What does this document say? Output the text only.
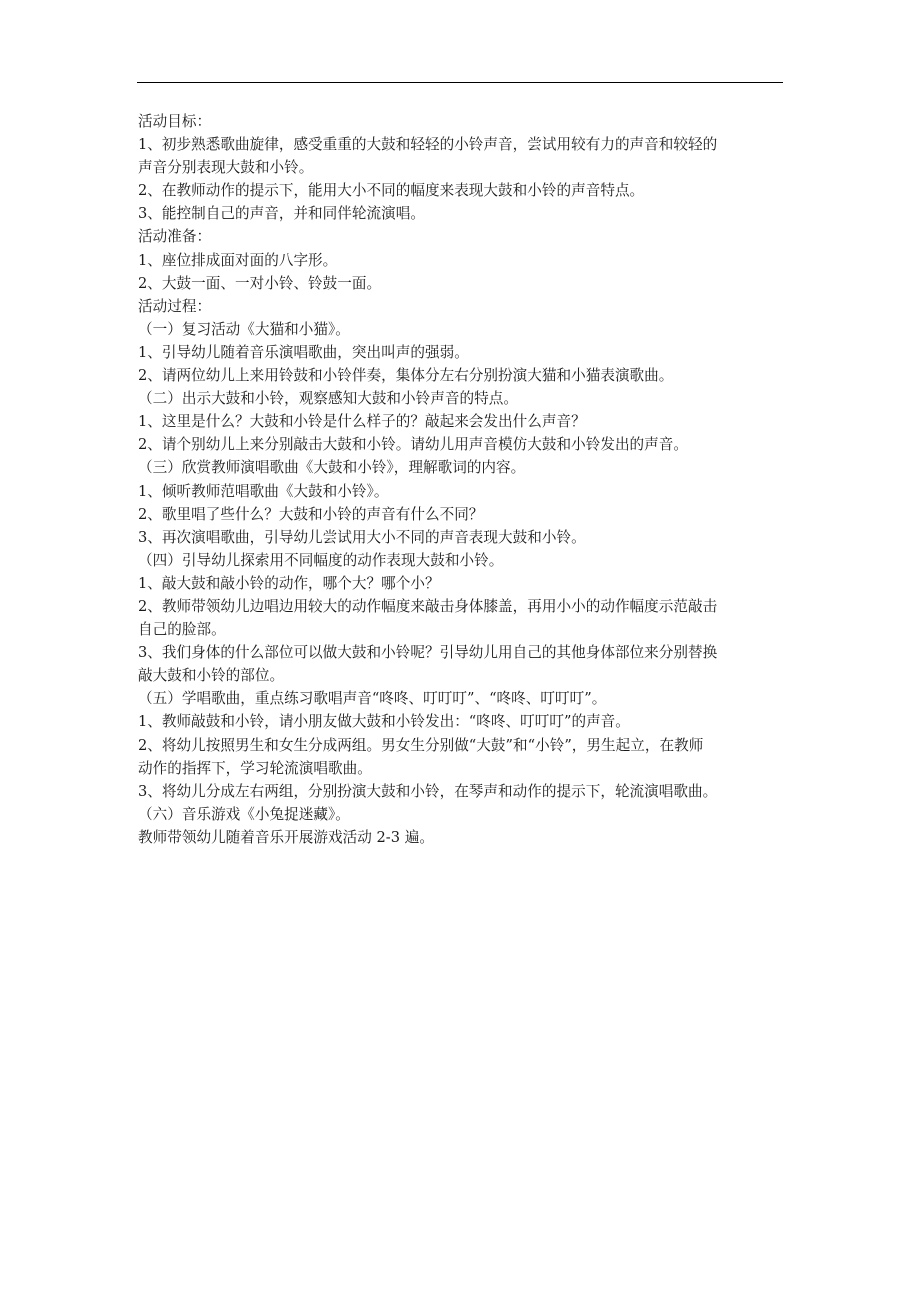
活动目标：
1、初步熟悉歌曲旋律，感受重重的大鼓和轻轻的小铃声音，尝试用较有力的声音和较轻的
声音分别表现大鼓和小铃。
2、在教师动作的提示下，能用大小不同的幅度来表现大鼓和小铃的声音特点。
3、能控制自己的声音，并和同伴轮流演唱。
活动准备：
1、座位排成面对面的八字形。
2、大鼓一面、一对小铃、铃鼓一面。
活动过程：
（一）复习活动《大猫和小猫》。
1、引导幼儿随着音乐演唱歌曲，突出叫声的强弱。
2、请两位幼儿上来用铃鼓和小铃伴奏，集体分左右分别扮演大猫和小猫表演歌曲。
（二）出示大鼓和小铃，观察感知大鼓和小铃声音的特点。
1、这里是什么？大鼓和小铃是什么样子的？敲起来会发出什么声音？
2、请个别幼儿上来分别敲击大鼓和小铃。请幼儿用声音模仿大鼓和小铃发出的声音。
（三）欣赏教师演唱歌曲《大鼓和小铃》，理解歌词的内容。
1、倾听教师范唱歌曲《大鼓和小铃》。
2、歌里唱了些什么？大鼓和小铃的声音有什么不同？
3、再次演唱歌曲，引导幼儿尝试用大小不同的声音表现大鼓和小铃。
（四）引导幼儿探索用不同幅度的动作表现大鼓和小铃。
1、敲大鼓和敲小铃的动作，哪个大？哪个小？
2、教师带领幼儿边唱边用较大的动作幅度来敲击身体膝盖，再用小小的动作幅度示范敲击
自己的脸部。
3、我们身体的什么部位可以做大鼓和小铃呢？引导幼儿用自己的其他身体部位来分别替换
敲大鼓和小铃的部位。
（五）学唱歌曲，重点练习歌唱声音“咚咚、叮叮叮”、“咚咚、叮叮叮”。
1、教师敲鼓和小铃，请小朋友做大鼓和小铃发出：“咚咚、叮叮叮”的声音。
2、将幼儿按照男生和女生分成两组。男女生分别做“大鼓”和“小铃”，男生起立，在教师
动作的指挥下，学习轮流演唱歌曲。
3、将幼儿分成左右两组，分别扮演大鼓和小铃，在琴声和动作的提示下，轮流演唱歌曲。
（六）音乐游戏《小兔捉迷藏》。
教师带领幼儿随着音乐开展游戏活动 2-3 遍。
